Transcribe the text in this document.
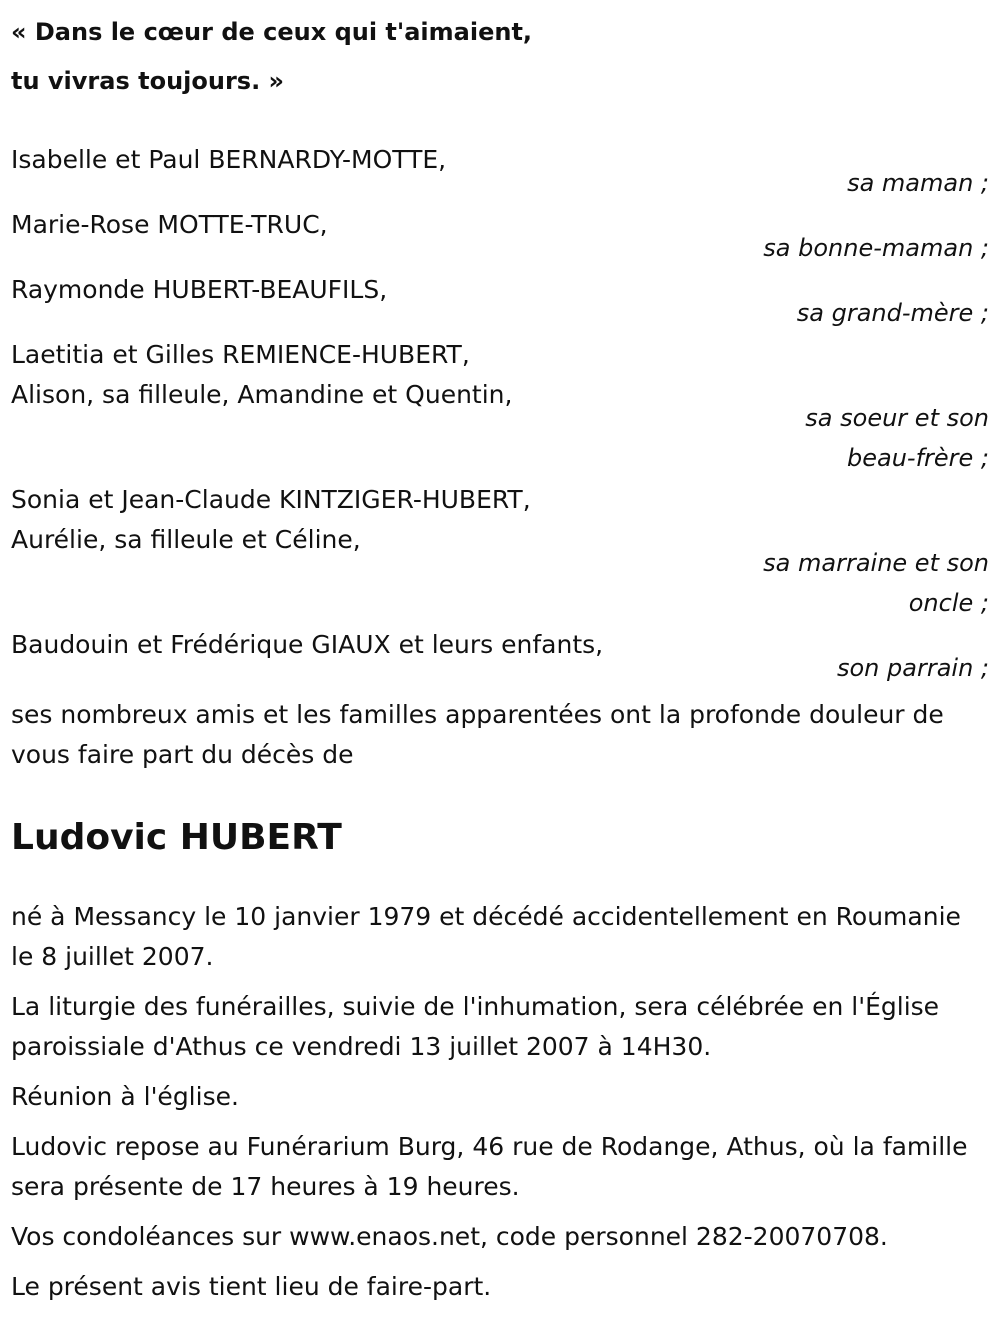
« Dans le cœur de ceux qui t'aimaient,
tu vivras toujours. »
Isabelle et Paul BERNARDY-MOTTE,
sa maman ;
Marie-Rose MOTTE-TRUC,
sa bonne-maman ;
Raymonde HUBERT-BEAUFILS,
sa grand-mère ;
Laetitia et Gilles REMIENCE-HUBERT,
Alison, sa filleule, Amandine et Quentin,
sa soeur et son
beau-frère ;
Sonia et Jean-Claude KINTZIGER-HUBERT,
Aurélie, sa filleule et Céline,
sa marraine et son
oncle ;
Baudouin et Frédérique GIAUX et leurs enfants,
son parrain ;
ses nombreux amis et les familles apparentées ont la profonde douleur de vous faire part du décès de
Ludovic HUBERT

né à Messancy le 10 janvier 1979 et décédé accidentellement en Roumanie le 8 juillet 2007.

La liturgie des funérailles, suivie de l'inhumation, sera célébrée en l'Église paroissiale d'Athus ce vendredi 13 juillet 2007 à 14H30.

Réunion à l'église.

Ludovic repose au Funérarium Burg, 46 rue de Rodange, Athus, où la famille sera présente de 17 heures à 19 heures.

Vos condoléances sur www.enaos.net, code personnel 282-20070708.

Le présent avis tient lieu de faire-part.
